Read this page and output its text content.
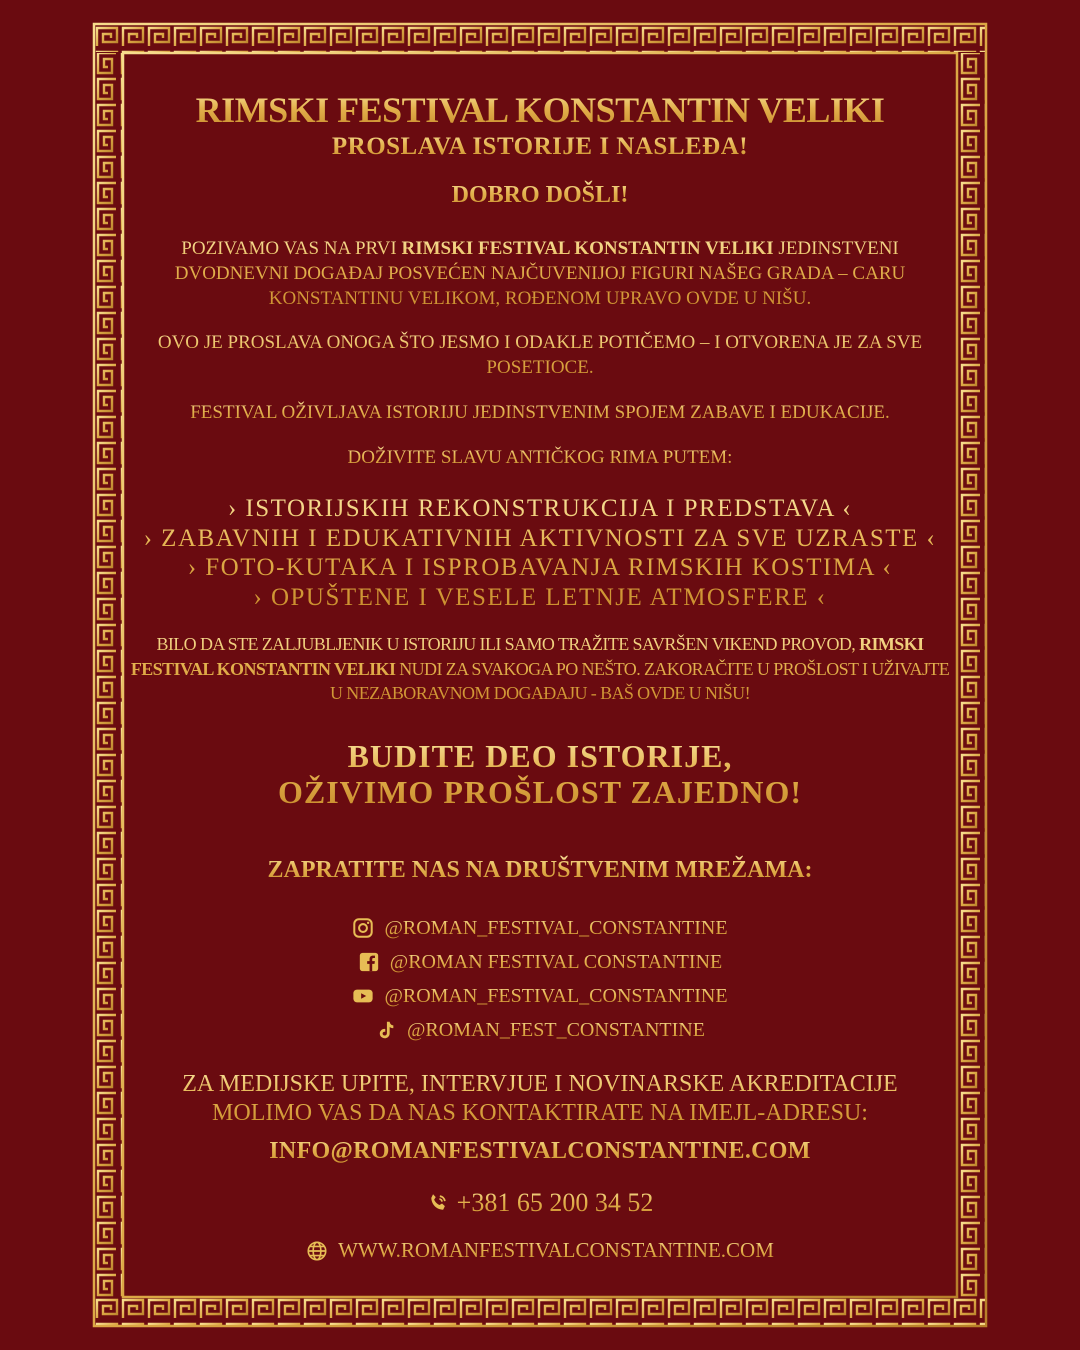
RIMSKI FESTIVAL KONSTANTIN VELIKI
PROSLAVA ISTORIJE I NASLEĐA!
DOBRO DOŠLI!
POZIVAMO VAS NA PRVI RIMSKI FESTIVAL KONSTANTIN VELIKI JEDINSTVENI DVODNEVNI DOGAĐAJ POSVEĆEN NAJČUVENIJOJ FIGURI NAŠEG GRADA – CARU KONSTANTINU VELIKOM, ROĐENOM UPRAVO OVDE U NIŠU.
OVO JE PROSLAVA ONOGA ŠTO JESMO I ODAKLE POTIČEMO – I OTVORENA JE ZA SVE POSETIOCE.
FESTIVAL OŽIVLJAVA ISTORIJU JEDINSTVENIM SPOJEM ZABAVE I EDUKACIJE.
DOŽIVITE SLAVU ANTIČKOG RIMA PUTEM:
› ISTORIJSKIH REKONSTRUKCIJA I PREDSTAVA ‹
› ZABAVNIH I EDUKATIVNIH AKTIVNOSTI ZA SVE UZRASTE ‹
› FOTO-KUTAKA I ISPROBAVANJA RIMSKIH KOSTIMA ‹
› OPUŠTENE I VESELE LETNJE ATMOSFERE ‹
BILO DA STE ZALJUBLJENIK U ISTORIJU ILI SAMO TRAŽITE SAVRŠEN VIKEND PROVOD, RIMSKI FESTIVAL KONSTANTIN VELIKI NUDI ZA SVAKOGA PO NEŠTO. ZAKORAČITE U PROŠLOST I UŽIVAJTE U NEZABORAVNOM DOGAĐAJU - BAŠ OVDE U NIŠU!
BUDITE DEO ISTORIJE,
OŽIVIMO PROŠLOST ZAJEDNO!
ZAPRATITE NAS NA DRUŠTVENIM MREŽAMA:
@ROMAN_FESTIVAL_CONSTANTINE
@ROMAN FESTIVAL CONSTANTINE
@ROMAN_FESTIVAL_CONSTANTINE
@ROMAN_FEST_CONSTANTINE
ZA MEDIJSKE UPITE, INTERVJUE I NOVINARSKE AKREDITACIJE
MOLIMO VAS DA NAS KONTAKTIRATE NA IMEJL-ADRESU:
INFO@ROMANFESTIVALCONSTANTINE.COM
+381 65 200 34 52
WWW.ROMANFESTIVALCONSTANTINE.COM
